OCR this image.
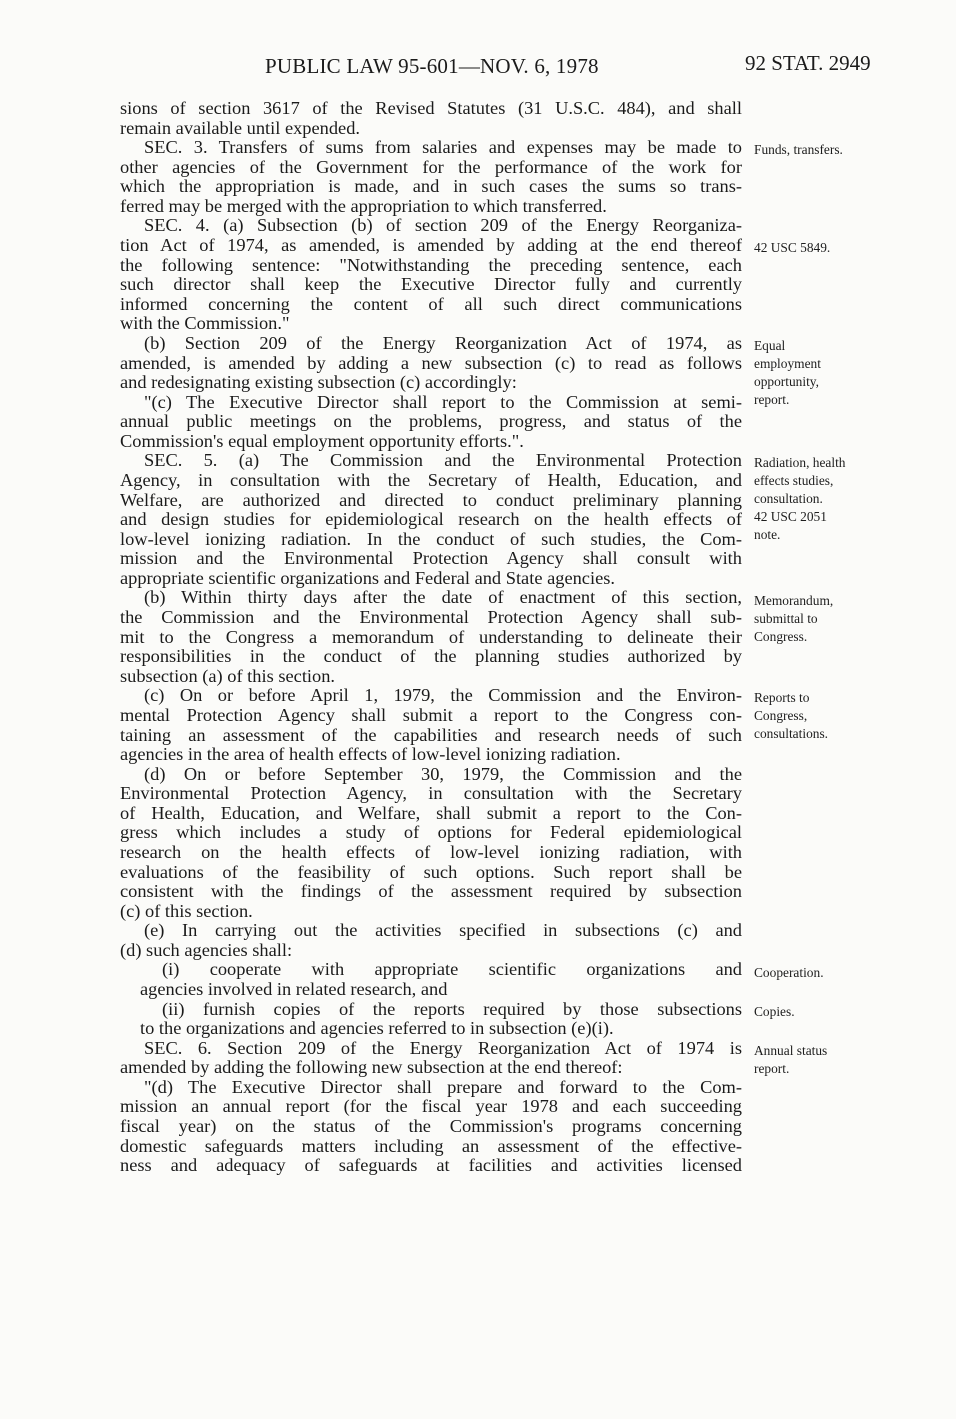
PUBLIC LAW 95-601—NOV. 6, 1978	92 STAT. 2949
sions of section 3617 of the Revised Statutes (31 U.S.C. 484), and shall
remain available until expended.
SEC. 3. Transfers of sums from salaries and expenses may be made to
other agencies of the Government for the performance of the work for
which the appropriation is made, and in such cases the sums so trans-
ferred may be merged with the appropriation to which transferred.
SEC. 4. (a) Subsection (b) of section 209 of the Energy Reorganiza-
tion Act of 1974, as amended, is amended by adding at the end thereof
the following sentence: "Notwithstanding the preceding sentence, each
such director shall keep the Executive Director fully and currently
informed concerning the content of all such direct communications
with the Commission."
(b) Section 209 of the Energy Reorganization Act of 1974, as
amended, is amended by adding a new subsection (c) to read as follows
and redesignating existing subsection (c) accordingly:
"(c) The Executive Director shall report to the Commission at semi-
annual public meetings on the problems, progress, and status of the
Commission's equal employment opportunity efforts.".
SEC. 5. (a) The Commission and the Environmental Protection
Agency, in consultation with the Secretary of Health, Education, and
Welfare, are authorized and directed to conduct preliminary planning
and design studies for epidemiological research on the health effects of
low-level ionizing radiation. In the conduct of such studies, the Com-
mission and the Environmental Protection Agency shall consult with
appropriate scientific organizations and Federal and State agencies.
(b) Within thirty days after the date of enactment of this section,
the Commission and the Environmental Protection Agency shall sub-
mit to the Congress a memorandum of understanding to delineate their
responsibilities in the conduct of the planning studies authorized by
subsection (a) of this section.
(c) On or before April 1, 1979, the Commission and the Environ-
mental Protection Agency shall submit a report to the Congress con-
taining an assessment of the capabilities and research needs of such
agencies in the area of health effects of low-level ionizing radiation.
(d) On or before September 30, 1979, the Commission and the
Environmental Protection Agency, in consultation with the Secretary
of Health, Education, and Welfare, shall submit a report to the Con-
gress which includes a study of options for Federal epidemiological
research on the health effects of low-level ionizing radiation, with
evaluations of the feasibility of such options. Such report shall be
consistent with the findings of the assessment required by subsection
(c) of this section.
(e) In carrying out the activities specified in subsections (c) and
(d) such agencies shall:
(i) cooperate with appropriate scientific organizations and
agencies involved in related research, and
(ii) furnish copies of the reports required by those subsections
to the organizations and agencies referred to in subsection (e)(i).
SEC. 6. Section 209 of the Energy Reorganization Act of 1974 is
amended by adding the following new subsection at the end thereof:
"(d) The Executive Director shall prepare and forward to the Com-
mission an annual report (for the fiscal year 1978 and each succeeding
fiscal year) on the status of the Commission's programs concerning
domestic safeguards matters including an assessment of the effective-
ness and adequacy of safeguards at facilities and activities licensed
Funds, transfers.
42 USC 5849.
Equal
employment
opportunity,
report.
Radiation, health
effects studies,
consultation.
42 USC 2051
note.
Memorandum,
submittal to
Congress.
Reports to
Congress,
consultations.
Cooperation.
Copies.
Annual status
report.
